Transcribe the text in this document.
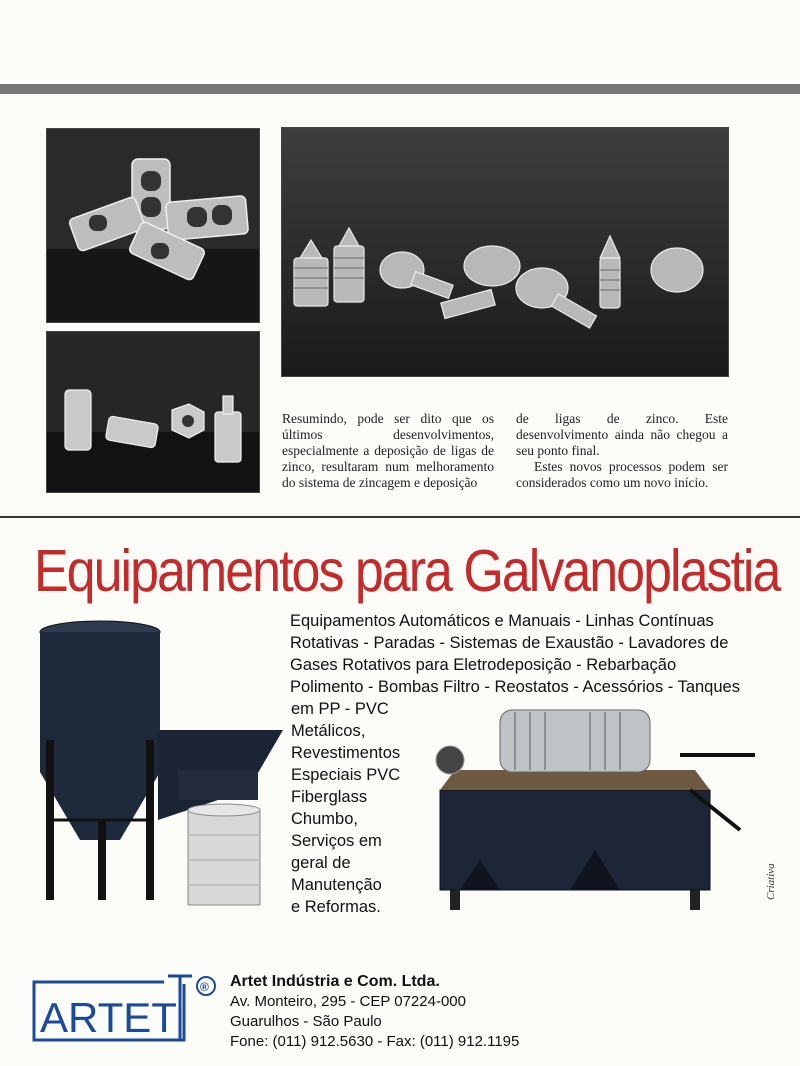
Resumindo, pode ser dito que os últimos desenvolvimentos, especialmente a deposição de ligas de zinco, resultaram num melhoramento do sistema de zincagem e deposição

de ligas de zinco. Este desenvolvimento ainda não chegou a seu ponto final.

Estes novos processos podem ser considerados como um novo início.

Equipamentos para Galvanoplastia
Equipamentos Automáticos e Manuais - Linhas Contínuas
Rotativas - Paradas - Sistemas de Exaustão - Lavadores de
Gases Rotativos para Eletrodeposição - Rebarbação
Polimento - Bombas Filtro - Reostatos - Acessórios - Tanques
em PP - PVC
Metálicos,
Revestimentos
Especiais PVC
Fiberglass
Chumbo,
Serviços em
geral de
Manutenção
e Reformas.
Criativa
ARTET
® Artet Indústria e Com. Ltda.
Av. Monteiro, 295 - CEP 07224-000
Guarulhos - São Paulo
Fone: (011) 912.5630 - Fax: (011) 912.1195
